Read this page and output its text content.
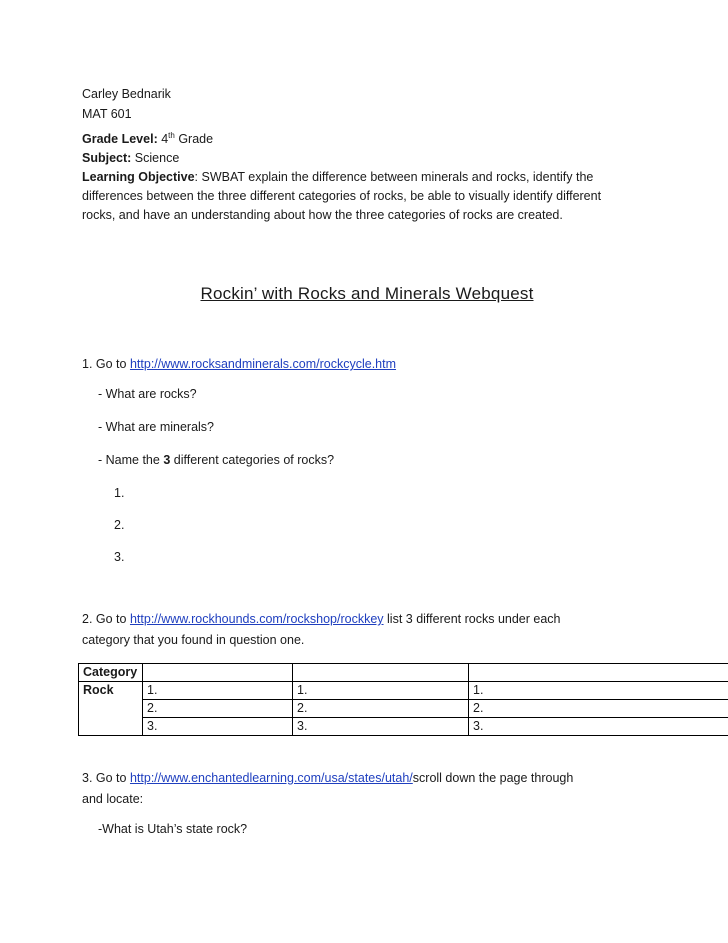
Carley Bednarik
MAT 601
Grade Level: 4th Grade
Subject: Science
Learning Objective: SWBAT explain the difference between minerals and rocks, identify the
differences between the three different categories of rocks, be able to visually identify different
rocks, and have an understanding about how the three categories of rocks are created.
Rockin’ with Rocks and Minerals Webquest
1. Go to http://www.rocksandminerals.com/rockcycle.htm
- What are rocks?
- What are minerals?
- Name the 3 different categories of rocks?
1.
2.
3.
2. Go to http://www.rockhounds.com/rockshop/rockkey list 3 different rocks under each
category that you found in question one.
Category			
Rock	1.	1.	1.
	2.	2.	2.
	3.	3.	3.
3. Go to http://www.enchantedlearning.com/usa/states/utah/scroll down the page through
and locate:
-What is Utah’s state rock?
